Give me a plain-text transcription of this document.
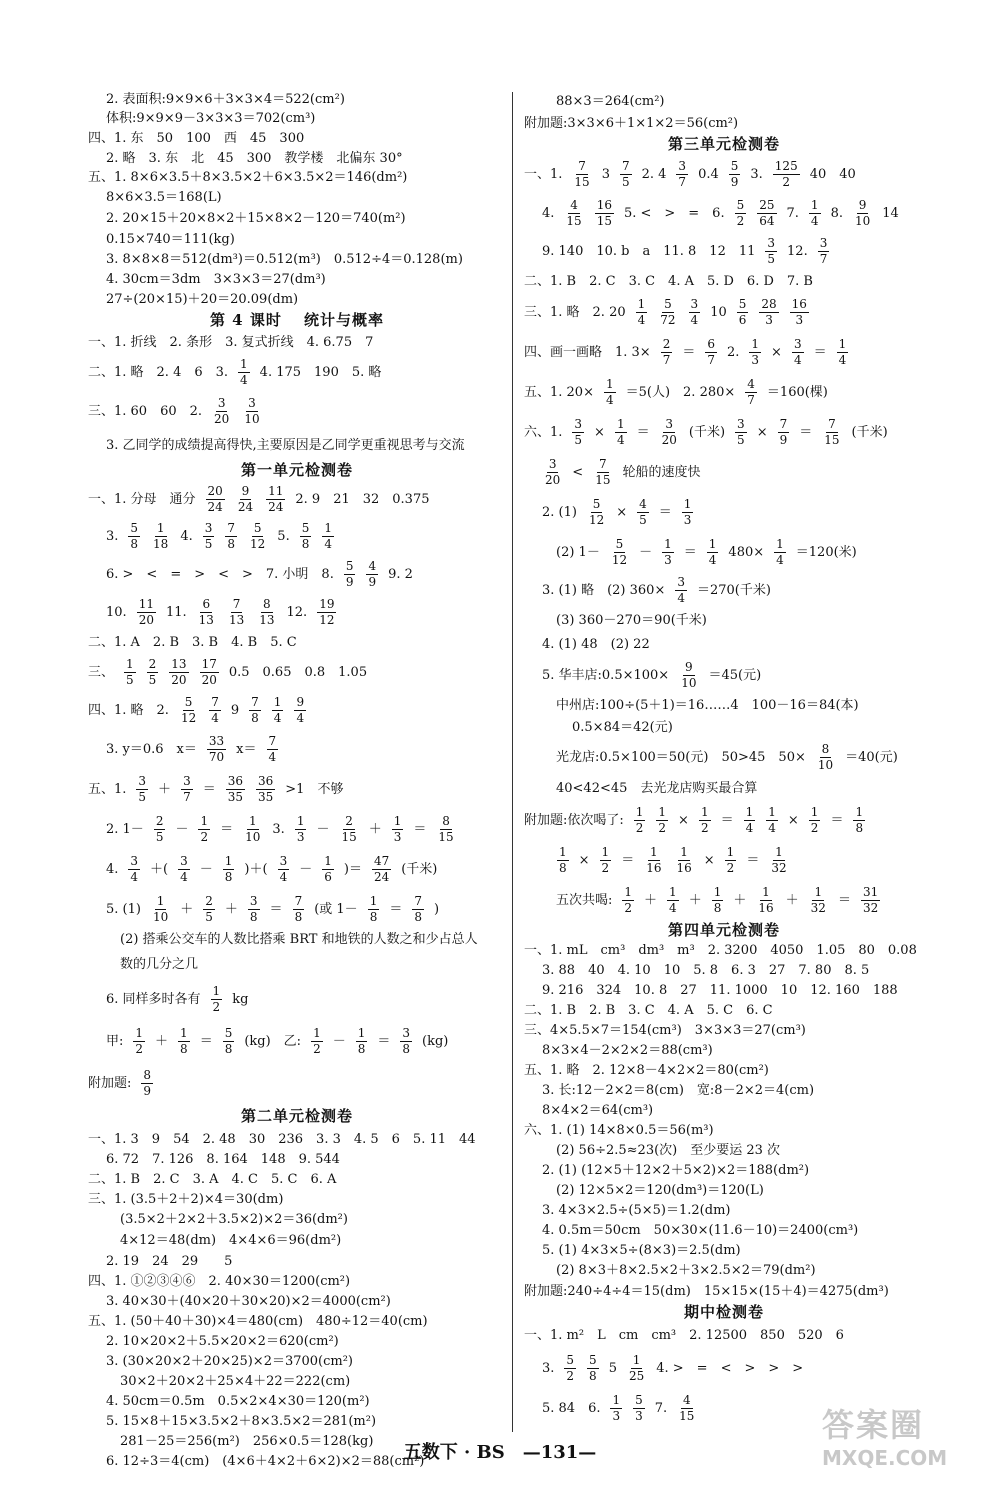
2. 表面积:9×9×6＋3×3×4＝522(cm²)
体积:9×9×9－3×3×3＝702(cm³)
四、1. 东　50　100　西　45　300
2. 略　3. 东　北　45　300　教学楼　北偏东 30°
五、1. 8×6×3.5＋8×3.5×2＋6×3.5×2＝146(dm²)
8×6×3.5＝168(L)
2. 20×15＋20×8×2＋15×8×2－120＝740(m²)
0.15×740＝111(kg)
3. 8×8×8＝512(dm³)＝0.512(m³)　0.512÷4＝0.128(m)
4. 30cm＝3dm　3×3×3＝27(dm³)
27÷(20×15)＋20＝20.09(dm)
第 4 课时　 统计与概率
一、1. 折线　2. 条形　3. 复式折线　4. 6.75　7
二、1. 略　2. 4　6　3. $\frac{1}{4} 4$. 175　190　5. 略
三、1. 60　60　2. $\frac{3}{20} \frac{3}{10}$
3. 乙同学的成绩提高得快,主要原因是乙同学更重视思考与交流
第一单元检测卷
一、1. 分母　通分 $\frac{20}{24} \frac{9}{24} \frac{11}{24} 2$. 9　21　32　0.375
3. $\frac{5}{8} \frac{1}{18} 4$. $\frac{3}{5} \frac{7}{8} \frac{5}{12} 5$. $\frac{5}{8} \frac{1}{4}$
6. >　<　=　>　<　>　7. 小明　8. $\frac{5}{9} \frac{4}{9} 9$. 2
10. $\frac{11}{20} 11$. $\frac{6}{13} \frac{7}{13} \frac{8}{13} 12$. $\frac{19}{12}$
二、1. A　2. B　3. B　4. B　5. C
三、 $\frac{1}{5} \frac{2}{5} \frac{13}{20} \frac{17}{20} 0.5$　0.65　0.8　1.05
四、1. 略　2. $\frac{5}{12} \frac{7}{4} 9 \frac{7}{8} \frac{1}{4} \frac{9}{4}$
3. y＝0.6　$x= \frac{33}{70} x= \frac{7}{4}$
五、1. $\frac{3}{5} + \frac{3}{7} = \frac{36}{35} \frac{36}{35} >1$　不够
2. $1- \frac{2}{5} - \frac{1}{2} = \frac{1}{10} 3$. $\frac{1}{3} - \frac{2}{15} + \frac{1}{3} = \frac{8}{15}$
4. $\frac{3}{4}$ ＋( $\frac{3}{4} - \frac{1}{8}$ )＋( $\frac{3}{4} - \frac{1}{6}$ )＝ $\frac{47}{24}$ (千米)
5. $(1) \frac{1}{10} + \frac{2}{5} + \frac{3}{8} = \frac{7}{8}$ (或 $1- \frac{1}{8} = \frac{7}{8}$ )
(2) 搭乘公交车的人数比搭乘 BRT 和地铁的人数之和少占总人
数的几分之几
6. 同样多时各有 $\frac{1}{2}$ kg
甲: $\frac{1}{2} + \frac{1}{8} = \frac{5}{8} (kg)$　乙: $\frac{1}{2} - \frac{1}{8} = \frac{3}{8} (kg)$
附加题: $\frac{8}{9}$
第二单元检测卷
一、1. 3　9　54　2. 48　30　236　3. 3　4. 5　6　5. 11　44
6. 72　7. 126　8. 164　148　9. 544
二、1. B　2. C　3. A　4. C　5. C　6. A
三、1. (3.5＋2＋2)×4＝30(dm)
(3.5×2＋2×2＋3.5×2)×2＝36(dm²)
4×12＝48(dm)　4×4×6＝96(dm²)
2. 19　24　29　　5
四、1. ①②③④⑥　2. 40×30＝1200(cm²)
3. 40×30＋(40×20＋30×20)×2＝4000(cm²)
五、1. (50＋40＋30)×4＝480(cm)　480÷12＝40(cm)
2. 10×20×2＋5.5×20×2＝620(cm²)
3. (30×20×2＋20×25)×2＝3700(cm²)
30×2＋20×2＋25×4＋22＝222(cm)
4. 50cm＝0.5m　0.5×2×4×30＝120(m²)
5. 15×8＋15×3.5×2＋8×3.5×2＝281(m²)
281－25＝256(m²)　256×0.5＝128(kg)
6. 12÷3＝4(cm)　(4×6＋4×2＋6×2)×2＝88(cm²)
88×3＝264(cm²)
附加题:3×3×6＋1×1×2＝56(cm²)
第三单元检测卷
一、1. $\frac{7}{15} 3 \frac{7}{5} 2$. $4 \frac{3}{7} 0.4 \frac{5}{9} 3$. $\frac{125}{2} 40$　40
4. $\frac{4}{15} \frac{16}{15} 5$. <　>　=　6. $\frac{5}{2} \frac{25}{64} 7$. $\frac{1}{4} 8$. $\frac{9}{10} 14$
9. 140　10. b　a　11. 8　12　$11 \frac{3}{5} 12$. $\frac{3}{7}$
二、1. B　2. C　3. C　4. A　5. D　6. D　7. B
三、1. 略　2. $20 \frac{1}{4} \frac{5}{72} \frac{3}{4} 10 \frac{5}{6} \frac{28}{3} \frac{16}{3}$
四、画一画略　1. $3\times \frac{2}{7} = \frac{6}{7} 2$. $\frac{1}{3} \times \frac{3}{4} = \frac{1}{4}$
五、1. $20\times \frac{1}{4} =5$(人)　2. $280\times \frac{4}{7} =160$(棵)
六、1. $\frac{3}{5} \times \frac{1}{4} = \frac{3}{20}$ (千米) $\frac{3}{5} \times \frac{7}{9} = \frac{7}{15}$ (千米)
$\frac{3}{20} < \frac{7}{15}$ 轮船的速度快
2. $(1) \frac{5}{12} \times \frac{4}{5} = \frac{1}{3}$
(2) $1- \frac{5}{12} - \frac{1}{3} = \frac{1}{4} 480\times \frac{1}{4} =120$(米)
3. (1) 略　(2) $360\times \frac{3}{4} =270$(千米)
(3) 360－270＝90(千米)
4. (1) 48　(2) 22
5. 华丰店:0.5×100× $\frac{9}{10} =45$(元)
中州店:100÷(5＋1)＝16……4　100－16＝84(本)
0.5×84＝42(元)
光龙店:0.5×100＝50(元)　50>45　$50\times \frac{8}{10} =40$(元)
40<42<45　去光龙店购买最合算
附加题:依次喝了: $\frac{1}{2} \frac{1}{2} \times \frac{1}{2} = \frac{1}{4} \frac{1}{4} \times \frac{1}{2} = \frac{1}{8}$
$\frac{1}{8} \times \frac{1}{2} = \frac{1}{16} \frac{1}{16} \times \frac{1}{2} = \frac{1}{32}$
五次共喝: $\frac{1}{2} + \frac{1}{4} + \frac{1}{8} + \frac{1}{16} + \frac{1}{32} = \frac{31}{32}$
第四单元检测卷
一、1. mL　cm³　dm³　m³　2. 3200　4050　1.05　80　0.08
3. 88　40　4. 10　10　5. 8　6. 3　27　7. 80　8. 5
9. 216　324　10. 8　27　11. 1000　10　12. 160　188
二、1. B　2. B　3. C　4. A　5. C　6. C
三、4×5.5×7＝154(cm³)　3×3×3＝27(cm³)
8×3×4－2×2×2＝88(cm³)
五、1. 略　2. 12×8－4×2×2＝80(cm²)
3. 长:12－2×2＝8(cm)　宽:8－2×2＝4(cm)
8×4×2＝64(cm³)
六、1. (1) 14×8×0.5＝56(m³)
(2) 56÷2.5≈23(次)　至少要运 23 次
2. (1) (12×5＋12×2＋5×2)×2＝188(dm²)
(2) 12×5×2＝120(dm³)＝120(L)
3. 4×3×2.5÷(5×5)＝1.2(dm)
4. 0.5m＝50cm　50×30×(11.6－10)＝2400(cm³)
5. (1) 4×3×5÷(8×3)＝2.5(dm)
(2) 8×3＋8×2.5×2＋3×2.5×2＝79(dm²)
附加题:240÷4÷4＝15(dm)　15×15×(15＋4)＝4275(dm³)
期中检测卷
一、1. m²　L　cm　cm³　2. 12500　850　520　6
3. $\frac{5}{2} \frac{5}{8} 5 \frac{1}{25} 4$. >　=　<　>　>　>
5. 84　6. $\frac{1}{3} \frac{5}{3} 7$. $\frac{4}{15}$
五数下 · BS　—131—
答案圈
MXQE.COM
